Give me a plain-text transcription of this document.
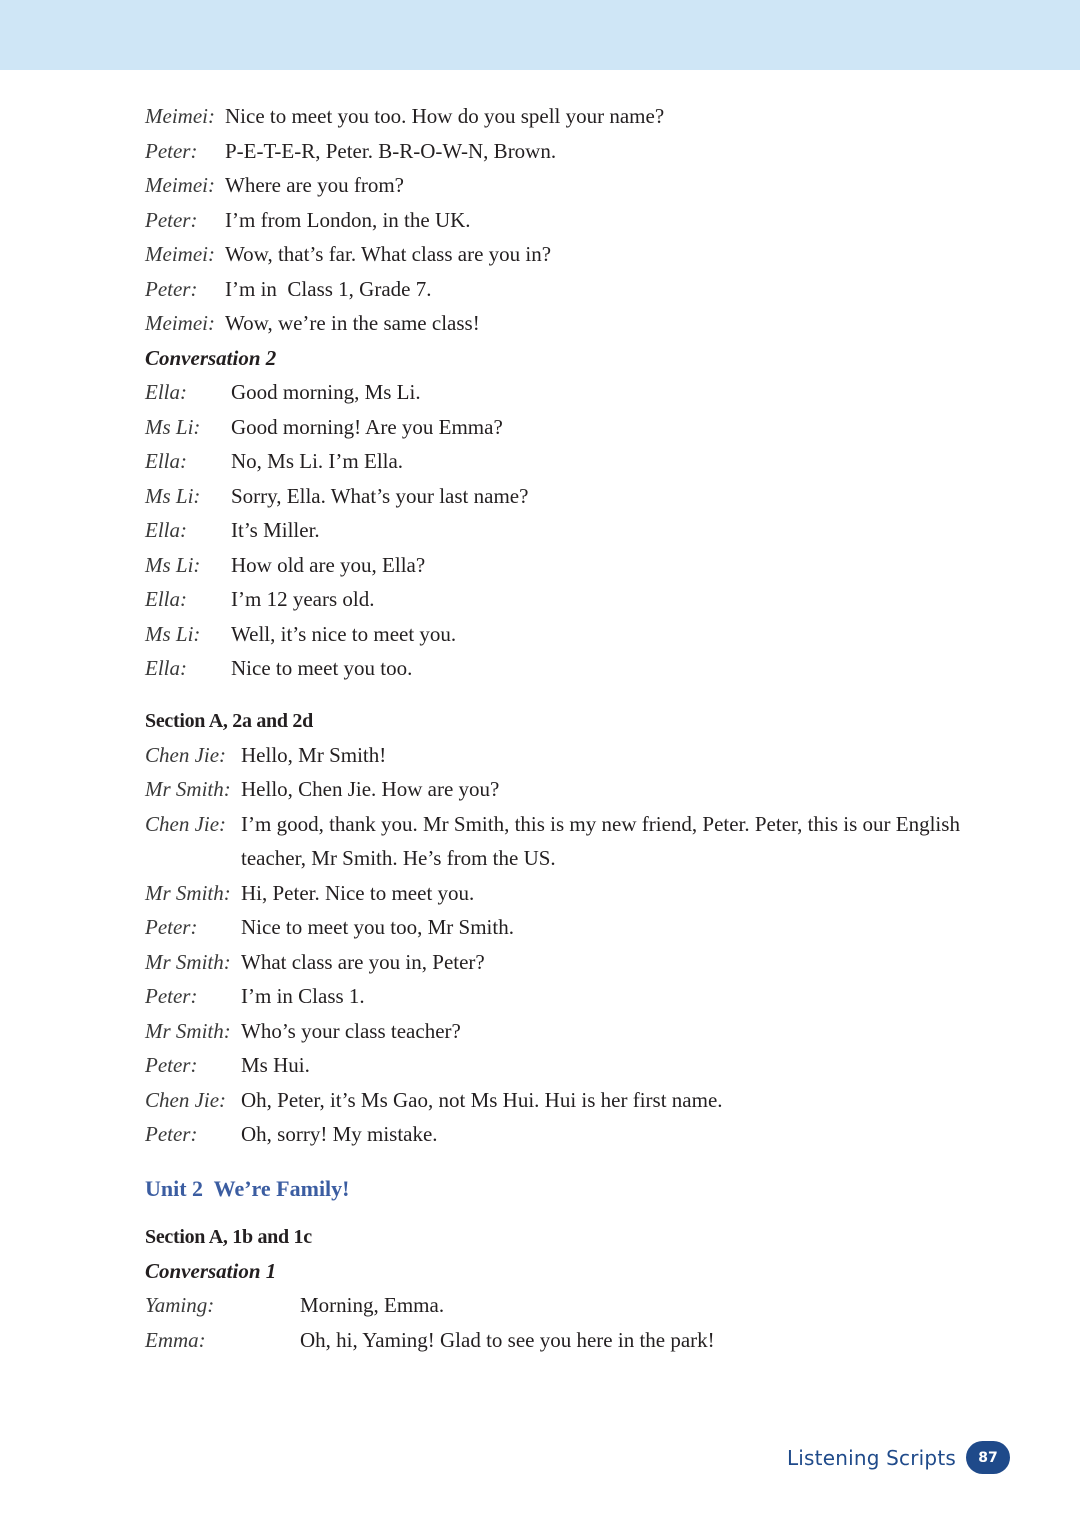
Meimei: Nice to meet you too. How do you spell your name?
Peter:	P-E-T-E-R, Peter. B-R-O-W-N, Brown.
Meimei: Where are you from?
Peter:	I’m from London, in the UK.
Meimei: Wow, that’s far. What class are you in?
Peter:	I’m in  Class 1, Grade 7.
Meimei: Wow, we’re in the same class!
Conversation 2
Ella:	Good morning, Ms Li.
Ms Li:	Good morning! Are you Emma?
Ella:	No, Ms Li. I’m Ella.
Ms Li:	Sorry, Ella. What’s your last name?
Ella:	It’s Miller.
Ms Li:	How old are you, Ella?
Ella:	I’m 12 years old.
Ms Li:	Well, it’s nice to meet you.
Ella:	Nice to meet you too.
Section A, 2a and 2d
Chen Jie: Hello, Mr Smith!
Mr Smith: Hello, Chen Jie. How are you?
Chen Jie: I’m good, thank you. Mr Smith, this is my new friend, Peter. Peter, this is our English teacher, Mr Smith. He’s from the US.
Mr Smith: Hi, Peter. Nice to meet you.
Peter:	Nice to meet you too, Mr Smith.
Mr Smith: What class are you in, Peter?
Peter:	I’m in Class 1.
Mr Smith: Who’s your class teacher?
Peter:	Ms Hui.
Chen Jie: Oh, Peter, it’s Ms Gao, not Ms Hui. Hui is her first name.
Peter:	Oh, sorry! My mistake.
Unit 2  We’re Family!
Section A, 1b and 1c
Conversation 1
Yaming:	Morning, Emma.
Emma:	Oh, hi, Yaming! Glad to see you here in the park!
Listening Scripts	87
